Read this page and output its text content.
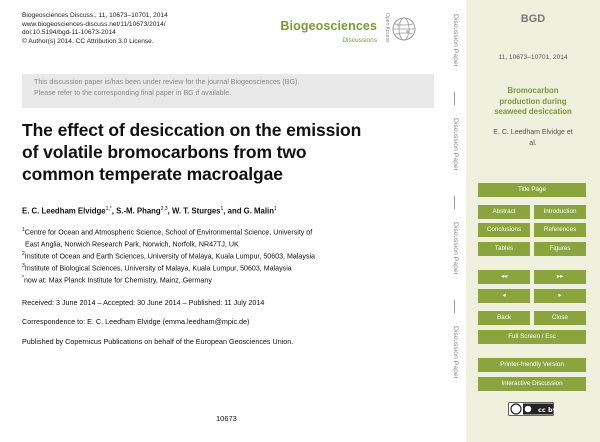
Biogeosciences Discuss., 11, 10673–10701, 2014
www.biogeosciences-discuss.net/11/10673/2014/
doi:10.5194/bgd-11-10673-2014
© Author(s) 2014. CC Attribution 3.0 License.
Biogeosciences
Discussions Open Access
This discussion paper is/has been under review for the journal Biogeosciences (BG).
Please refer to the corresponding final paper in BG if available.
The effect of desiccation on the emission
of volatile bromocarbons from two
common temperate macroalgae
E. C. Leedham Elvidge$^{1,*}$, S.-M. Phang$^{2,3}$, W. T. Sturges$^1$, and G. Malin$^1$
$^1$Centre for Ocean and Atmospheric Science, School of Environmental Science, University of
East Anglia, Norwich Research Park, Norwich, Norfolk, NR47TJ, UK
$^2$Institute of Ocean and Earth Sciences, University of Malaya, Kuala Lumpur, 50603, Malaysia
$^3$Institute of Biological Sciences, University of Malaya, Kuala Lumpur, 50603, Malaysia
*now at: Max Planck Institute for Chemistry, Mainz, Germany
Received: 3 June 2014 – Accepted: 30 June 2014 – Published: 11 July 2014
Correspondence to: E. C. Leedham Elvidge (emma.leedham@mpic.de)
Published by Copernicus Publications on behalf of the European Geosciences Union.
10673
Discussion Paper
Discussion Paper
Discussion Paper
Discussion Paper
BGD
11, 10673–10701, 2014
Bromocarbon
production during
seaweed desiccation
E. C. Leedham Elvidge et
al.
Title Page
Abstract	Introduction
Conclusions	References
Tables	Figures
◂◂	▸▸
◂	▸
Back	Close
Full Screen / Esc
Printer-friendly Version
Interactive Discussion
cc by
